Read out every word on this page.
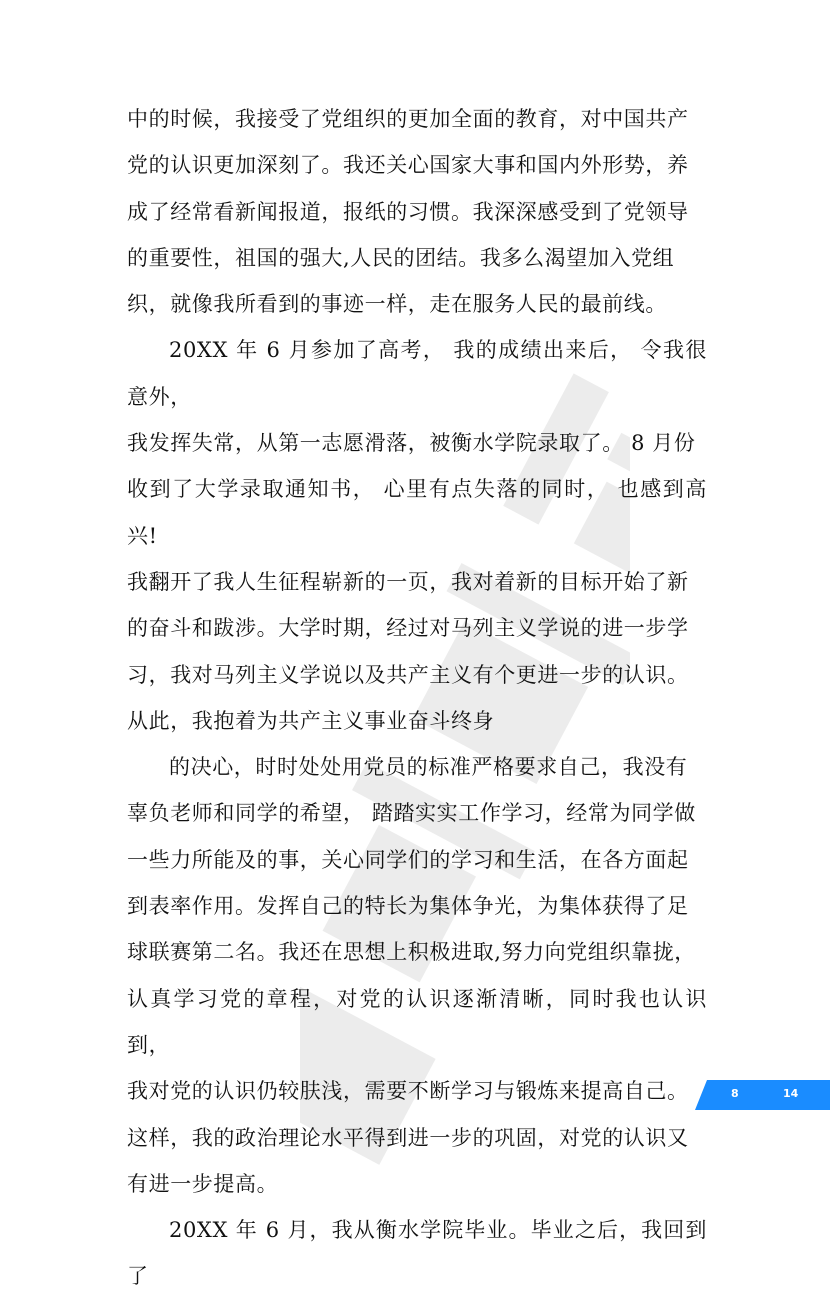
中的时候，我接受了党组织的更加全面的教育，对中国共产
党的认识更加深刻了。我还关心国家大事和国内外形势，养
成了经常看新闻报道，报纸的习惯。我深深感受到了党领导
的重要性，祖国的强大,人民的团结。我多么渴望加入党组
织，就像我所看到的事迹一样，走在服务人民的最前线。

20XX 年 6 月参加了高考， 我的成绩出来后， 令我很意外，
我发挥失常，从第一志愿滑落，被衡水学院录取了。 8 月份
收到了大学录取通知书， 心里有点失落的同时， 也感到高兴!
我翻开了我人生征程崭新的一页，我对着新的目标开始了新
的奋斗和跋涉。大学时期，经过对马列主义学说的进一步学
习，我对马列主义学说以及共产主义有个更进一步的认识。
从此，我抱着为共产主义事业奋斗终身

的决心，时时处处用党员的标准严格要求自己，我没有
辜负老师和同学的希望， 踏踏实实工作学习，经常为同学做
一些力所能及的事，关心同学们的学习和生活，在各方面起
到表率作用。发挥自己的特长为集体争光，为集体获得了足
球联赛第二名。我还在思想上积极进取,努力向党组织靠拢，
认真学习党的章程，对党的认识逐渐清晰，同时我也认识到，
我对党的认识仍较肤浅，需要不断学习与锻炼来提高自己。
这样，我的政治理论水平得到进一步的巩固，对党的认识又
有进一步提高。

20XX 年 6 月，我从衡水学院毕业。毕业之后，我回到了

8	14
